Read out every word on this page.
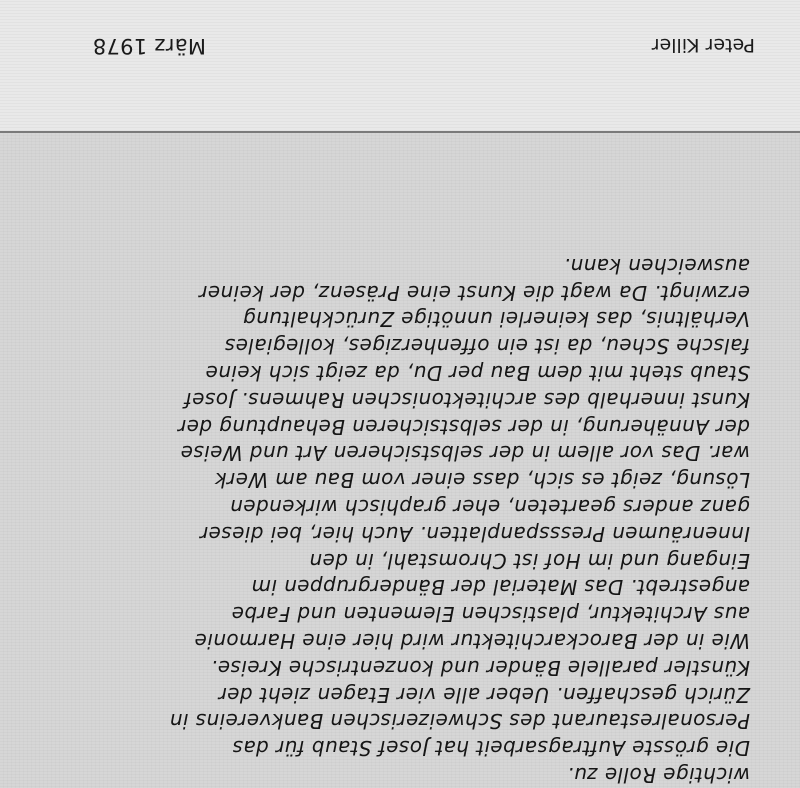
wichtige Rolle zu.
Die grösste Auftragsarbeit hat Josef Staub für das
Personalrestaurant des Schweizerischen Bankvereins in
Zürich geschaffen. Ueber alle vier Etagen zieht der
Künstler parallele Bänder und konzentrische Kreise.
Wie in der Barockarchitektur wird hier eine Harmonie
aus Architektur, plastischen Elementen und Farbe
angestrebt. Das Material der Bändergruppen im
Eingang und im Hof ist Chromstahl, in den
Innenräumen Pressspanplatten. Auch hier, bei dieser
ganz anders gearteten, eher graphisch wirkenden
Lösung, zeigt es sich, dass einer vom Bau am Werk
war. Das vor allem in der selbstsicheren Art und Weise
der Annäherung, in der selbstsicheren Behauptung der
Kunst innerhalb des architektonischen Rahmens. Josef
Staub steht mit dem Bau per Du, da zeigt sich keine
falsche Scheu, da ist ein offenherziges, kollegiales
Verhältnis, das keinerlei unnötige Zurückhaltung
erzwingt. Da wagt die Kunst eine Präsenz, der keiner
ausweichen kann.

März 1978	Peter Killer
